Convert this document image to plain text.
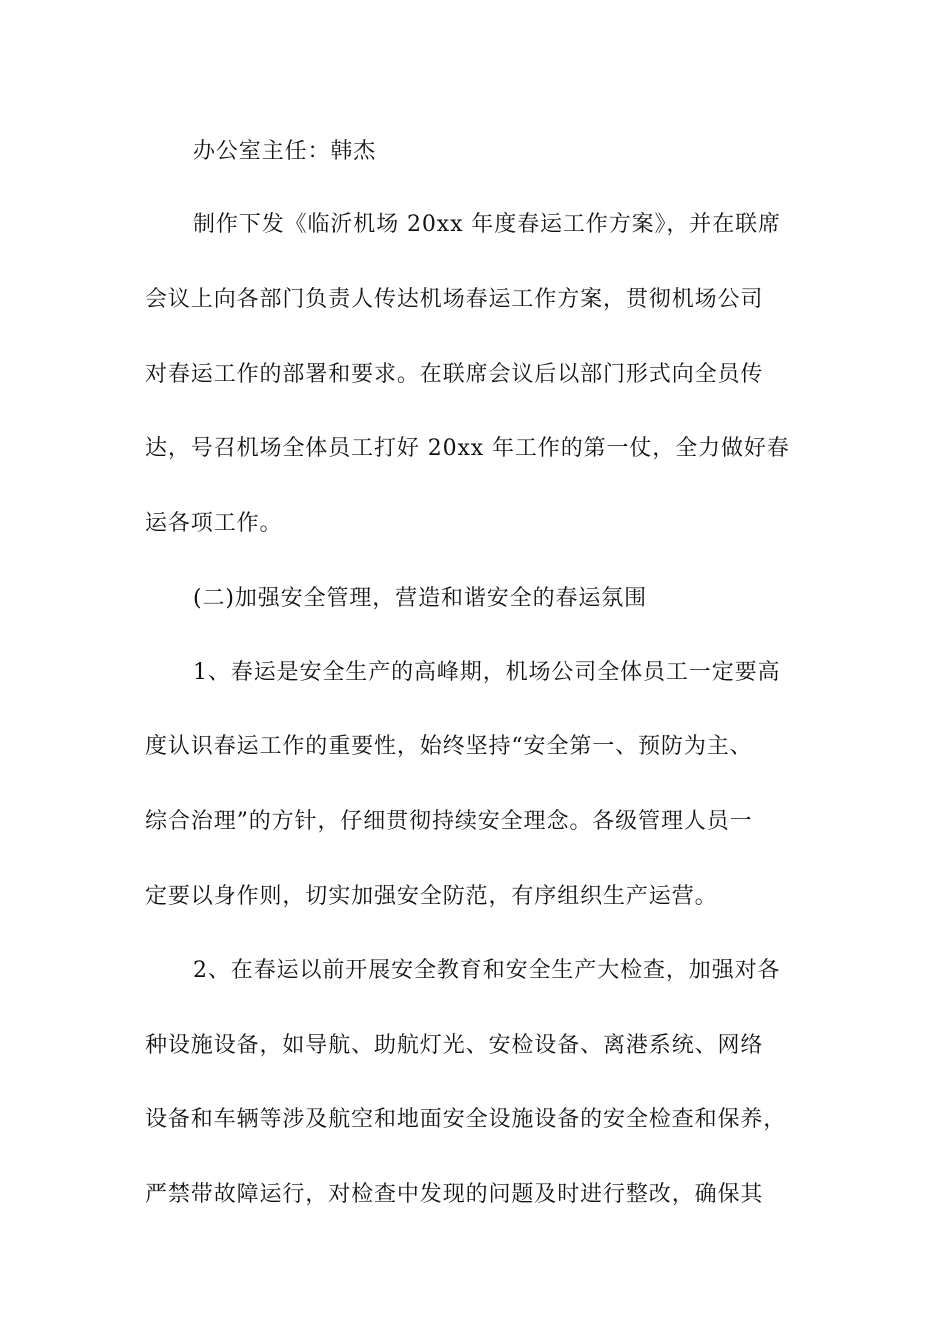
办公室主任：韩杰
制作下发《临沂机场 20xx 年度春运工作方案》，并在联席
会议上向各部门负责人传达机场春运工作方案，贯彻机场公司
对春运工作的部署和要求。在联席会议后以部门形式向全员传
达，号召机场全体员工打好 20xx 年工作的第一仗，全力做好春
运各项工作。
(二)加强安全管理，营造和谐安全的春运氛围
1、春运是安全生产的高峰期，机场公司全体员工一定要高
度认识春运工作的重要性，始终坚持“安全第一、预防为主、
综合治理”的方针，仔细贯彻持续安全理念。各级管理人员一
定要以身作则，切实加强安全防范，有序组织生产运营。
2、在春运以前开展安全教育和安全生产大检查，加强对各
种设施设备，如导航、助航灯光、安检设备、离港系统、网络
设备和车辆等涉及航空和地面安全设施设备的安全检查和保养，
严禁带故障运行，对检查中发现的问题及时进行整改，确保其
